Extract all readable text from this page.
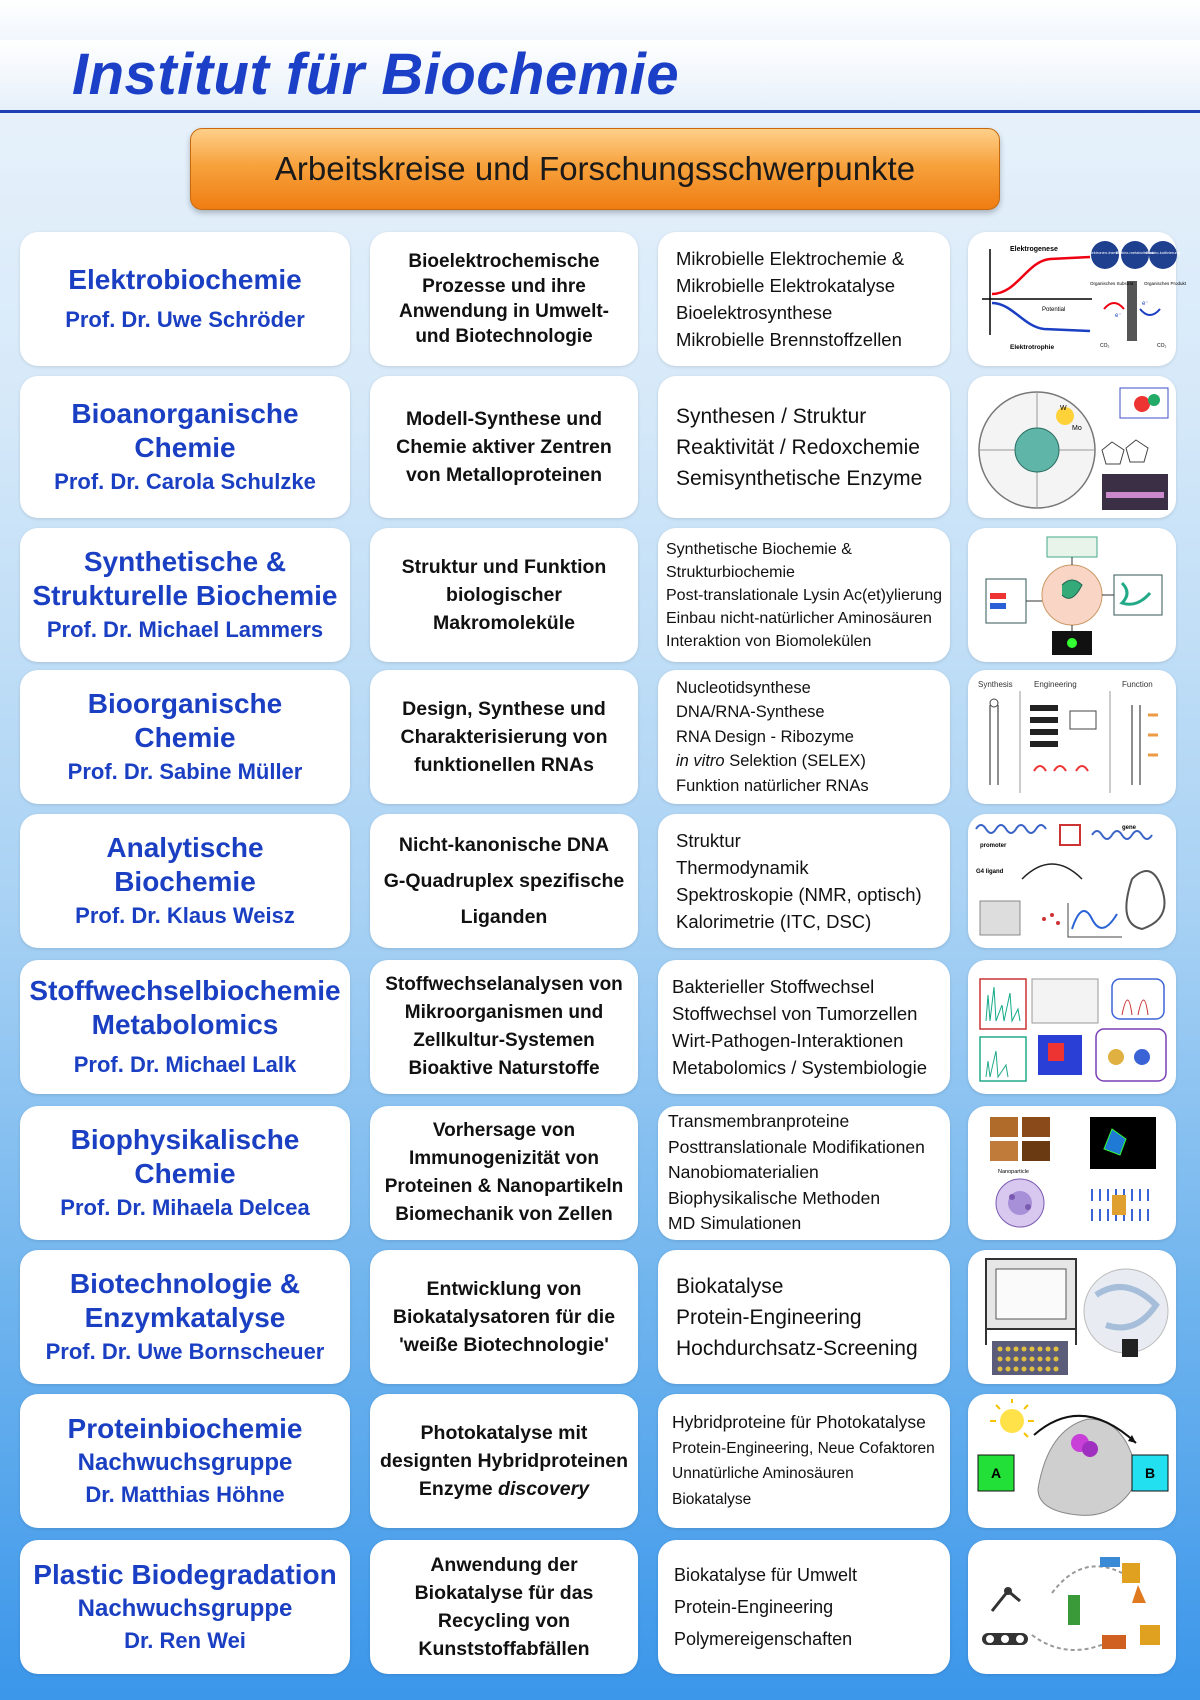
Institut für Biochemie
Arbeitskreise und Forschungsschwerpunkte
Elektrobiochemie
Prof. Dr. Uwe Schröder
Bioelektrochemische
Prozesse und ihre
Anwendung in Umwelt-
und Biotechnologie
Mikrobielle Elektrochemie &
Mikrobielle Elektrokatalyse
Bioelektrosynthese
Mikrobielle Brennstoffzellen
Elektrogenese
Potential
Elektrotrophie
Elektronen-transfer
Elektro-metabolismus
Elektro-kultivierung
Organisches Substrat Organisches Produkt
e⁻
e⁻
CO₂	CO₂
Bioanorganische
Chemie
Prof. Dr. Carola Schulzke
Modell-Synthese und
Chemie aktiver Zentren
von Metalloproteinen
Synthesen / Struktur
Reaktivität / Redoxchemie
Semisynthetische Enzyme
W
Mo
Synthetische &
Strukturelle Biochemie
Prof. Dr. Michael Lammers
Struktur und Funktion
biologischer
Makromoleküle
Synthetische Biochemie &
Strukturbiochemie
Post-translationale Lysin Ac(et)ylierung
Einbau nicht-natürlicher Aminosäuren
Interaktion von Biomolekülen
Bioorganische
Chemie
Prof. Dr. Sabine Müller
Design, Synthese und
Charakterisierung von
funktionellen RNAs
Nucleotidsynthese
DNA/RNA-Synthese
RNA Design - Ribozyme
in vitro Selektion (SELEX)
Funktion natürlicher RNAs
Synthesis	Engineering	Function
Analytische
Biochemie
Prof. Dr. Klaus Weisz
Nicht-kanonische DNA
G-Quadruplex spezifische
Liganden
Struktur
Thermodynamik
Spektroskopie (NMR, optisch)
Kalorimetrie (ITC, DSC)
promoter
gene
G4 ligand
Stoffwechselbiochemie
Metabolomics
Prof. Dr. Michael Lalk
Stoffwechselanalysen von
Mikroorganismen und
Zellkultur-Systemen
Bioaktive Naturstoffe
Bakterieller Stoffwechsel
Stoffwechsel von Tumorzellen
Wirt-Pathogen-Interaktionen
Metabolomics / Systembiologie
Biophysikalische
Chemie
Prof. Dr. Mihaela Delcea
Vorhersage von
Immunogenizität von
Proteinen & Nanopartikeln
Biomechanik von Zellen
Transmembranproteine
Posttranslationale Modifikationen
Nanobiomaterialien
Biophysikalische Methoden
MD Simulationen
Nanoparticle
Biotechnologie &
Enzymkatalyse
Prof. Dr. Uwe Bornscheuer
Entwicklung von
Biokatalysatoren für die
'weiße Biotechnologie'
Biokatalyse
Protein-Engineering
Hochdurchsatz-Screening
Proteinbiochemie
Nachwuchsgruppe
Dr. Matthias Höhne
Photokatalyse mit
designten Hybridproteinen
Enzyme discovery
Hybridproteine für Photokatalyse
Protein-Engineering, Neue Cofaktoren
Unnatürliche Aminosäuren
Biokatalyse
A	B
Plastic Biodegradation
Nachwuchsgruppe
Dr. Ren Wei
Anwendung der
Biokatalyse für das
Recycling von
Kunststoffabfällen
Biokatalyse für Umwelt
Protein-Engineering
Polymereigenschaften
